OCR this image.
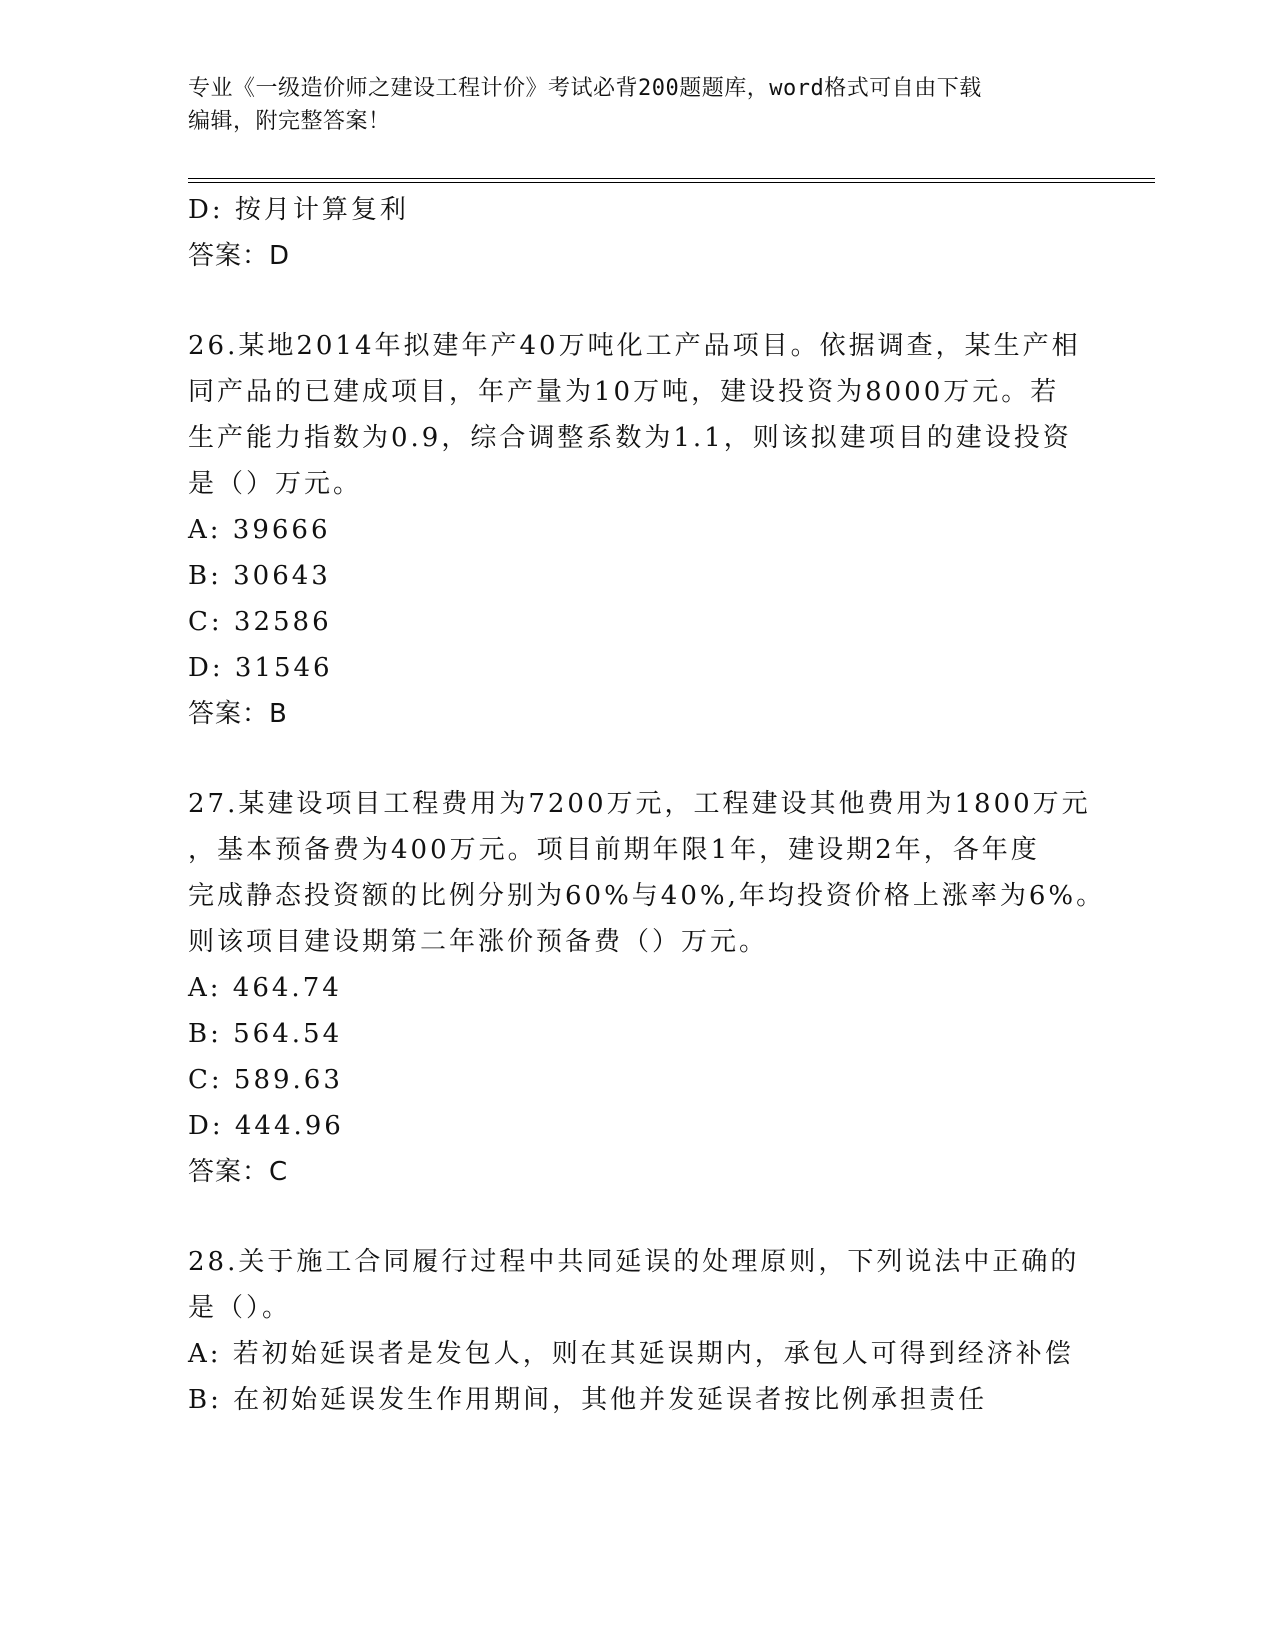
专业《一级造价师之建设工程计价》考试必背200题题库，word格式可自由下载
编辑，附完整答案！
D: 按月计算复利
答案：D
26.某地2014年拟建年产40万吨化工产品项目。依据调查，某生产相
同产品的已建成项目，年产量为10万吨，建设投资为8000万元。若
生产能力指数为0.9，综合调整系数为1.1，则该拟建项目的建设投资
是（）万元。
A: 39666
B: 30643
C: 32586
D: 31546
答案：B
27.某建设项目工程费用为7200万元，工程建设其他费用为1800万元
，基本预备费为400万元。项目前期年限1年，建设期2年，各年度
完成静态投资额的比例分别为60%与40%,年均投资价格上涨率为6%。
则该项目建设期第二年涨价预备费（）万元。
A: 464.74
B: 564.54
C: 589.63
D: 444.96
答案：C
28.关于施工合同履行过程中共同延误的处理原则，下列说法中正确的
是（）。
A: 若初始延误者是发包人，则在其延误期内，承包人可得到经济补偿
B: 在初始延误发生作用期间，其他并发延误者按比例承担责任
